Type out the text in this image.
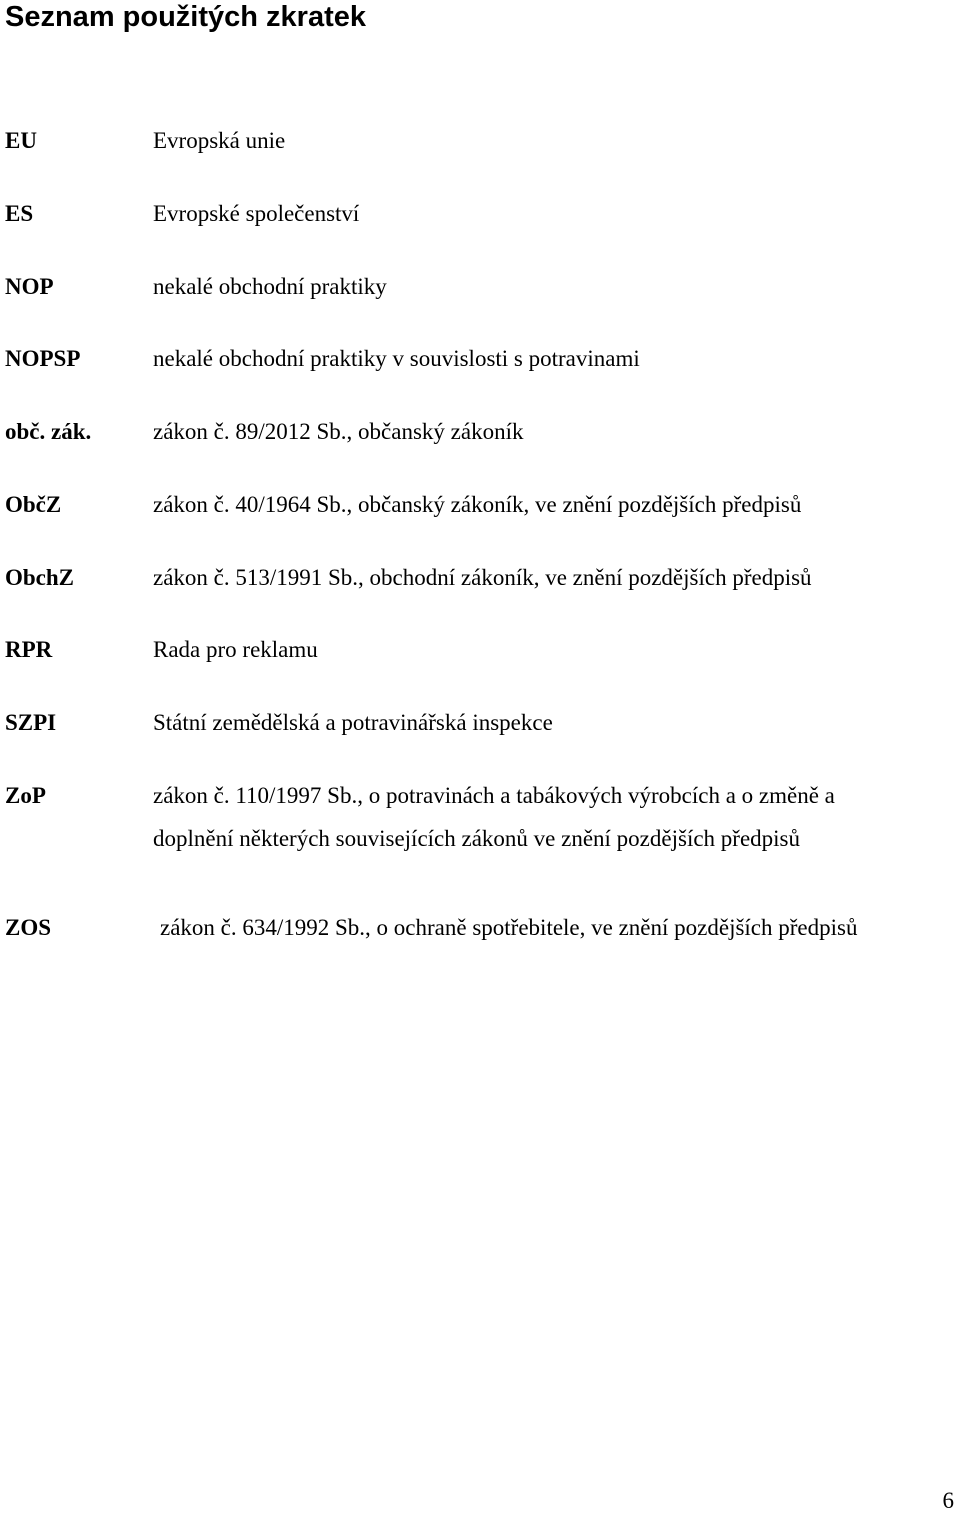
Seznam použitých zkratek
EU	Evropská unie
ES	Evropské společenství
NOP	nekalé obchodní praktiky
NOPSP	nekalé obchodní praktiky v souvislosti s potravinami
obč. zák.	zákon č. 89/2012 Sb., občanský zákoník
ObčZ	zákon č. 40/1964 Sb., občanský zákoník, ve znění pozdějších předpisů
ObchZ	zákon č. 513/1991 Sb., obchodní zákoník, ve znění pozdějších předpisů
RPR	Rada pro reklamu
SZPI	Státní zemědělská a potravinářská inspekce
ZoP	zákon č. 110/1997 Sb., o potravinách a tabákových výrobcích a o změně a doplnění některých souvisejících zákonů ve znění pozdějších předpisů
ZOS	zákon č. 634/1992 Sb., o ochraně spotřebitele, ve znění pozdějších předpisů
6
